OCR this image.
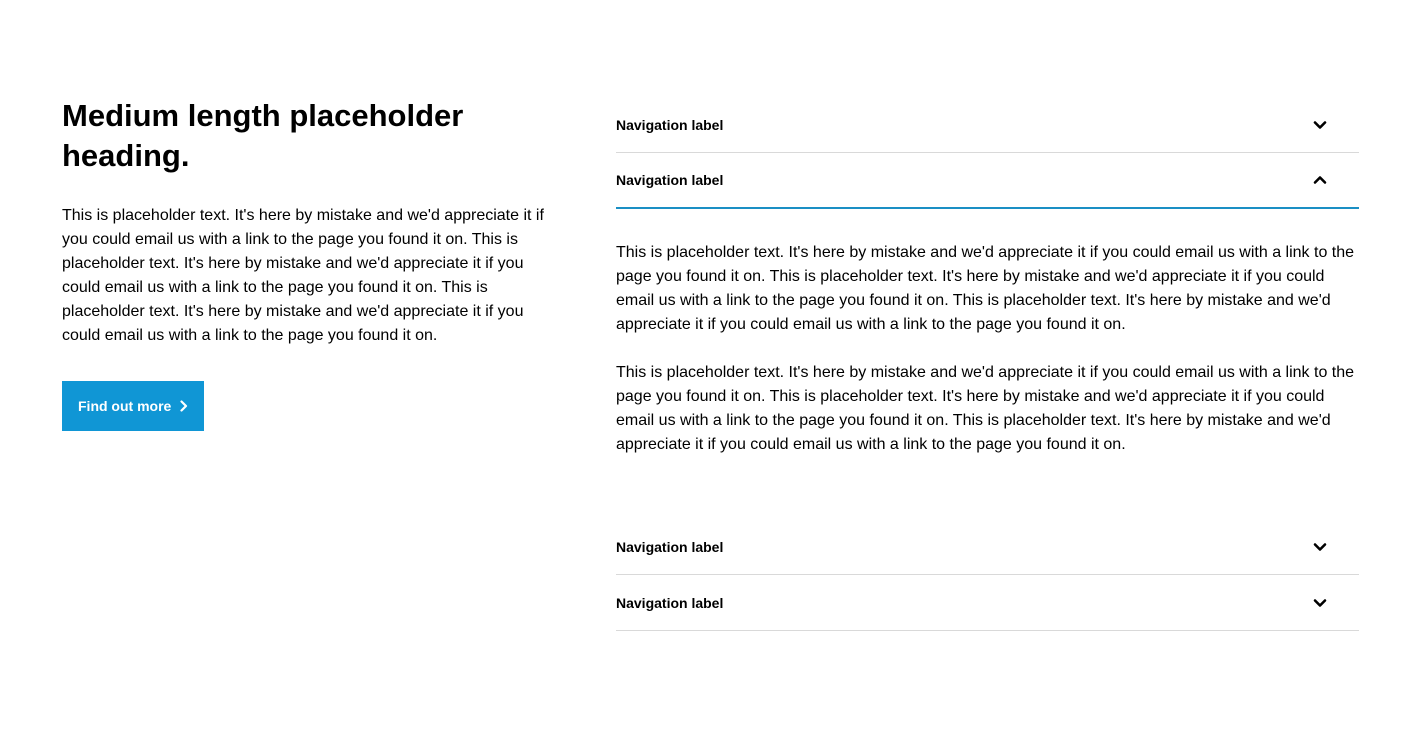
Medium length placeholder heading.

This is placeholder text. It's here by mistake and we'd appreciate it if you could email us with a link to the page you found it on. This is placeholder text. It's here by mistake and we'd appreciate it if you could email us with a link to the page you found it on. This is placeholder text. It's here by mistake and we'd appreciate it if you could email us with a link to the page you found it on.

Find out more
Navigation label
Navigation label

This is placeholder text. It's here by mistake and we'd appreciate it if you could email us with a link to the page you found it on. This is placeholder text. It's here by mistake and we'd appreciate it if you could email us with a link to the page you found it on. This is placeholder text. It's here by mistake and we'd appreciate it if you could email us with a link to the page you found it on.

This is placeholder text. It's here by mistake and we'd appreciate it if you could email us with a link to the page you found it on. This is placeholder text. It's here by mistake and we'd appreciate it if you could email us with a link to the page you found it on. This is placeholder text. It's here by mistake and we'd appreciate it if you could email us with a link to the page you found it on.

Navigation label
Navigation label
